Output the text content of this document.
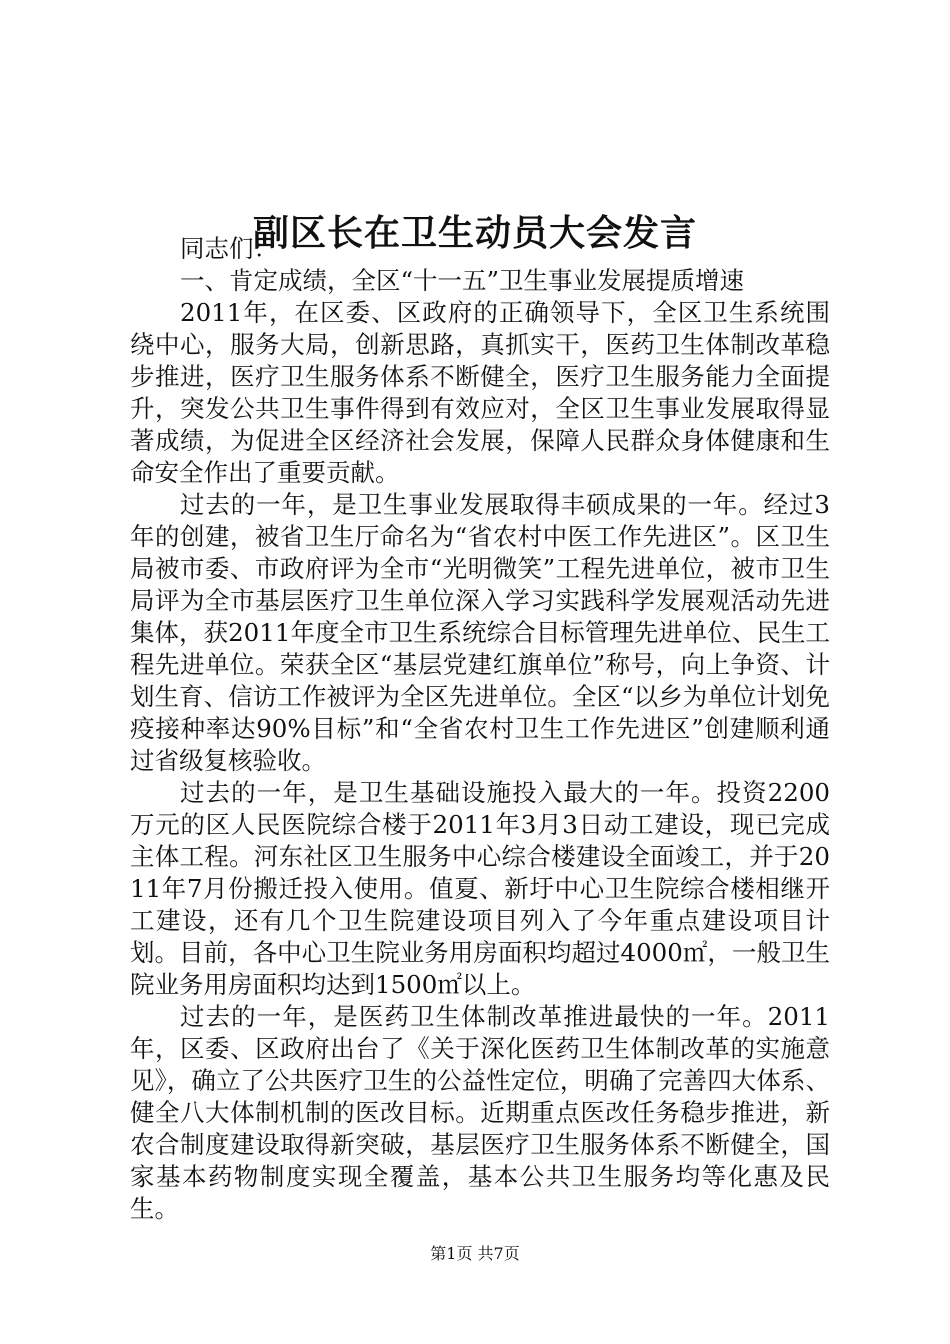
副区长在卫生动员大会发言

同志们：

一、肯定成绩，全区“十一五”卫生事业发展提质增速

2011年，在区委、区政府的正确领导下，全区卫生系统围绕中心，服务大局，创新思路，真抓实干，医药卫生体制改革稳步推进，医疗卫生服务体系不断健全，医疗卫生服务能力全面提升，突发公共卫生事件得到有效应对，全区卫生事业发展取得显著成绩，为促进全区经济社会发展，保障人民群众身体健康和生命安全作出了重要贡献。

过去的一年，是卫生事业发展取得丰硕成果的一年。经过3年的创建，被省卫生厅命名为“省农村中医工作先进区”。区卫生局被市委、市政府评为全市“光明微笑”工程先进单位，被市卫生局评为全市基层医疗卫生单位深入学习实践科学发展观活动先进集体，获2011年度全市卫生系统综合目标管理先进单位、民生工程先进单位。荣获全区“基层党建红旗单位”称号，向上争资、计划生育、信访工作被评为全区先进单位。全区“以乡为单位计划免疫接种率达90%目标”和“全省农村卫生工作先进区”创建顺利通过省级复核验收。

过去的一年，是卫生基础设施投入最大的一年。投资2200万元的区人民医院综合楼于2011年3月3日动工建设，现已完成主体工程。河东社区卫生服务中心综合楼建设全面竣工，并于2011年7月份搬迁投入使用。值夏、新圩中心卫生院综合楼相继开工建设，还有几个卫生院建设项目列入了今年重点建设项目计划。目前，各中心卫生院业务用房面积均超过4000㎡，一般卫生院业务用房面积均达到1500㎡以上。

过去的一年，是医药卫生体制改革推进最快的一年。2011年，区委、区政府出台了《关于深化医药卫生体制改革的实施意见》，确立了公共医疗卫生的公益性定位，明确了完善四大体系、健全八大体制机制的医改目标。近期重点医改任务稳步推进，新农合制度建设取得新突破，基层医疗卫生服务体系不断健全，国家基本药物制度实现全覆盖，基本公共卫生服务均等化惠及民生。

第1页 共7页
